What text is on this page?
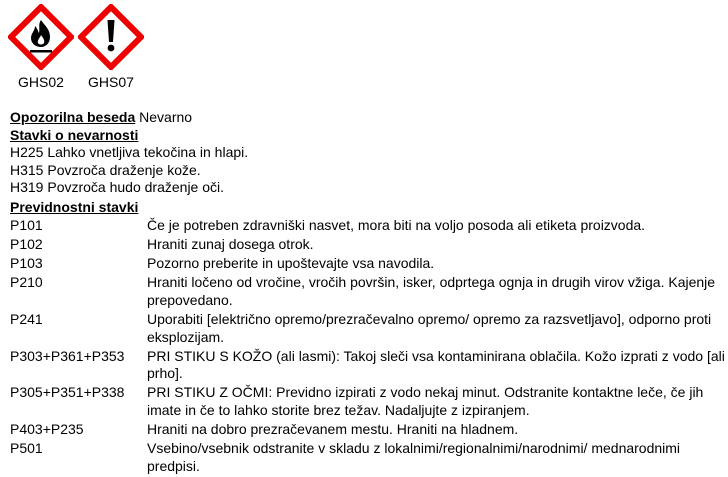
GHS02 GHS07
Opozorilna beseda Nevarno
Stavki o nevarnosti
H225 Lahko vnetljiva tekočina in hlapi.
H315 Povzroča draženje kože.
H319 Povzroča hudo draženje oči.
Previdnostni stavki
P101	Če je potreben zdravniški nasvet, mora biti na voljo posoda ali etiketa proizvoda.
P102	Hraniti zunaj dosega otrok.
P103	Pozorno preberite in upoštevajte vsa navodila.
P210	Hraniti ločeno od vročine, vročih površin, isker, odprtega ognja in drugih virov vžiga. Kajenje prepovedano.
P241	Uporabiti [električno opremo/prezračevalno opremo/ opremo za razsvetljavo], odporno proti eksplozijam.
P303+P361+P353	PRI STIKU S KOŽO (ali lasmi): Takoj sleči vsa kontaminirana oblačila. Kožo izprati z vodo [ali prho].
P305+P351+P338	PRI STIKU Z OČMI: Previdno izpirati z vodo nekaj minut. Odstranite kontaktne leče, če jih imate in če to lahko storite brez težav. Nadaljujte z izpiranjem.
P403+P235	Hraniti na dobro prezračevanem mestu. Hraniti na hladnem.
P501	Vsebino/vsebnik odstranite v skladu z lokalnimi/regionalnimi/narodnimi/ mednarodnimi predpisi.
